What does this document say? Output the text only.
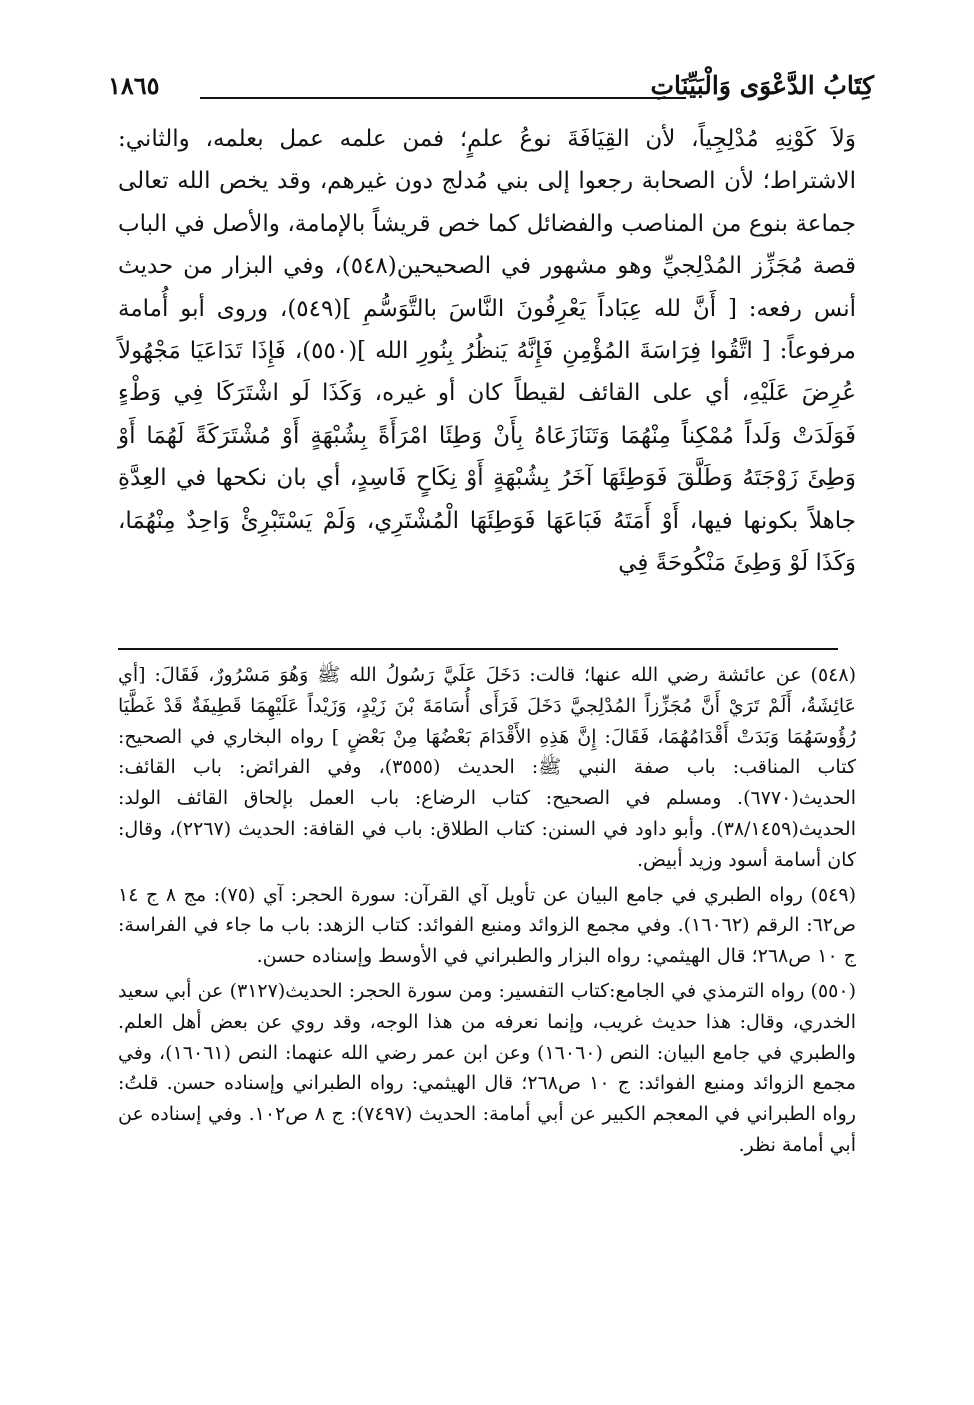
كِتَابُ الدَّعْوَى وَالْبَيِّنَاتِ
١٨٦٥

وَلاَ كَوْنِهِ مُدْلِجِياً، لأن القِيَافَةَ نوعُ علمٍ؛ فمن علمه عمل بعلمه، والثاني: الاشتراط؛ لأن الصحابة رجعوا إلى بني مُدلج دون غيرهم، وقد يخص الله تعالى جماعة بنوع من المناصب والفضائل كما خص قريشاً بالإمامة، والأصل في الباب قصة مُجَزِّز المُدْلِجيِّ وهو مشهور في الصحيحين(٥٤٨)، وفي البزار من حديث أنس رفعه: [ أَنَّ لله عِبَاداً يَعْرِفُونَ النَّاسَ بالتَّوَسُّمِ ](٥٤٩)، وروى أبو أُمامة مرفوعاً: [ اتَّقُوا فِرَاسَةَ المُؤْمِنِ فَإِنَّهُ يَنظُرُ بِنُورِ الله ](٥٥٠)، فَإِذَا تَدَاعَيَا مَجْهُولاً عُرِضَ عَلَيْهِ، أي على القائف لقيطاً كان أو غيره، وَكَذَا لَو اشْتَرَكَا فِي وَطْءٍ فَوَلَدَتْ وَلَداً مُمْكِناً مِنْهُمَا وَتَنَازَعَاهُ بِأَنْ وَطِئَا امْرَأَةً بِشُبْهَةٍ أَوْ مُشْتَرَكَةً لَهُمَا أَوْ وَطِئَ زَوْجَتَهُ وَطَلَّقَ فَوَطِئَهَا آخَرُ بِشُبْهَةٍ أَوْ نِكَاحٍ فَاسِدٍ، أي بان نكحها في العِدَّةِ جاهلاً بكونها فيها، أَوْ أَمَتَهُ فَبَاعَهَا فَوَطِئَهَا الْمُشْتَرِي، وَلَمْ يَسْتَبْرِئْ وَاحِدٌ مِنْهُمَا، وَكَذَا لَوْ وَطِئَ مَنْكُوحَةً فِي

(٥٤٨) عن عائشة رضي الله عنها؛ قالت: دَخَلَ عَلَيَّ رَسُولُ الله ﷺ وَهُوَ مَسْرُورٌ، فَقَالَ: [أي عَائِشَةُ، أَلَمْ تَرَيْ أَنَّ مُجَزِّزاً المُدْلِجيَّ دَخَلَ فَرَأَى أُسَامَةَ بْنَ زَيْدٍ، وَزَيْداً عَلَيْهِمَا قَطِيفَةٌ قَدْ غَطَّيَا رُؤُوسَهُمَا وَبَدَتْ أَقْدَامُهُمَا، فَقَالَ: إِنَّ هَذِهِ الأَقْدَامَ بَعْضُهَا مِنْ بَعْضٍ ] رواه البخاري في الصحيح: كتاب المناقب: باب صفة النبي ﷺ: الحديث (٣٥٥٥)، وفي الفرائض: باب القائف: الحديث(٦٧٧٠). ومسلم في الصحيح: كتاب الرضاع: باب العمل بإلحاق القائف الولد: الحديث(٣٨/١٤٥٩). وأبو داود في السنن: كتاب الطلاق: باب في القافة: الحديث (٢٢٦٧)، وقال: كان أسامة أسود وزيد أبيض.

(٥٤٩) رواه الطبري في جامع البيان عن تأويل آي القرآن: سورة الحجر: آي (٧٥): مج ٨ ج ١٤ ص٦٢: الرقم (١٦٠٦٢). وفي مجمع الزوائد ومنبع الفوائد: كتاب الزهد: باب ما جاء في الفراسة: ج ١٠ ص٢٦٨؛ قال الهيثمي: رواه البزار والطبراني في الأوسط وإسناده حسن.

(٥٥٠) رواه الترمذي في الجامع:كتاب التفسير: ومن سورة الحجر: الحديث(٣١٢٧) عن أبي سعيد الخدري، وقال: هذا حديث غريب، وإنما نعرفه من هذا الوجه، وقد روي عن بعض أهل العلم. والطبري في جامع البيان: النص (١٦٠٦٠) وعن ابن عمر رضي الله عنهما: النص (١٦٠٦١)، وفي مجمع الزوائد ومنبع الفوائد: ج ١٠ ص٢٦٨؛ قال الهيثمي: رواه الطبراني وإسناده حسن. قلتُ: رواه الطبراني في المعجم الكبير عن أبي أمامة: الحديث (٧٤٩٧): ج ٨ ص١٠٢. وفي إسناده عن أبي أمامة نظر.
